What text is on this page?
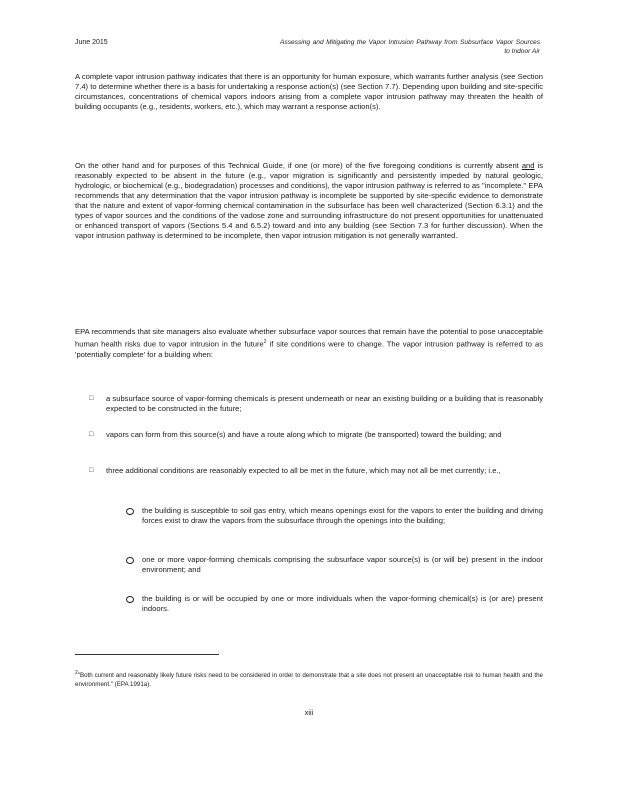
June 2015	Assessing and Mitigating the Vapor Intrusion Pathway from Subsurface Vapor Sources to Indoor Air

A complete vapor intrusion pathway indicates that there is an opportunity for human exposure, which warrants further analysis (see Section 7.4) to determine whether there is a basis for undertaking a response action(s) (see Section 7.7). Depending upon building and site-specific circumstances, concentrations of chemical vapors indoors arising from a complete vapor intrusion pathway may threaten the health of building occupants (e.g., residents, workers, etc.), which may warrant a response action(s).

On the other hand and for purposes of this Technical Guide, if one (or more) of the five foregoing conditions is currently absent and is reasonably expected to be absent in the future (e.g., vapor migration is significantly and persistently impeded by natural geologic, hydrologic, or biochemical (e.g., biodegradation) processes and conditions), the vapor intrusion pathway is referred to as "incomplete." EPA recommends that any determination that the vapor intrusion pathway is incomplete be supported by site-specific evidence to demonstrate that the nature and extent of vapor-forming chemical contamination in the subsurface has been well characterized (Section 6.3.1) and the types of vapor sources and the conditions of the vadose zone and surrounding infrastructure do not present opportunities for unattenuated or enhanced transport of vapors (Sections 5.4 and 6.5.2) toward and into any building (see Section 7.3 for further discussion). When the vapor intrusion pathway is determined to be incomplete, then vapor intrusion mitigation is not generally warranted.

EPA recommends that site managers also evaluate whether subsurface vapor sources that remain have the potential to pose unacceptable human health risks due to vapor intrusion in the future$^2$ if site conditions were to change. The vapor intrusion pathway is referred to as 'potentially complete' for a building when:

□ a subsurface source of vapor-forming chemicals is present underneath or near an existing building or a building that is reasonably expected to be constructed in the future;
□ vapors can form from this source(s) and have a route along which to migrate (be transported) toward the building; and
□ three additional conditions are reasonably expected to all be met in the future, which may not all be met currently; i.e.,
the building is susceptible to soil gas entry, which means openings exist for the vapors to enter the building and driving forces exist to draw the vapors from the subsurface through the openings into the building;
one or more vapor-forming chemicals comprising the subsurface vapor source(s) is (or will be) present in the indoor environment; and
the building is or will be occupied by one or more individuals when the vapor-forming chemical(s) is (or are) present indoors.
$^2$"Both current and reasonably likely future risks need to be considered in order to demonstrate that a site does not present an unacceptable risk to human health and the environment." (EPA 1991a).
xiii
